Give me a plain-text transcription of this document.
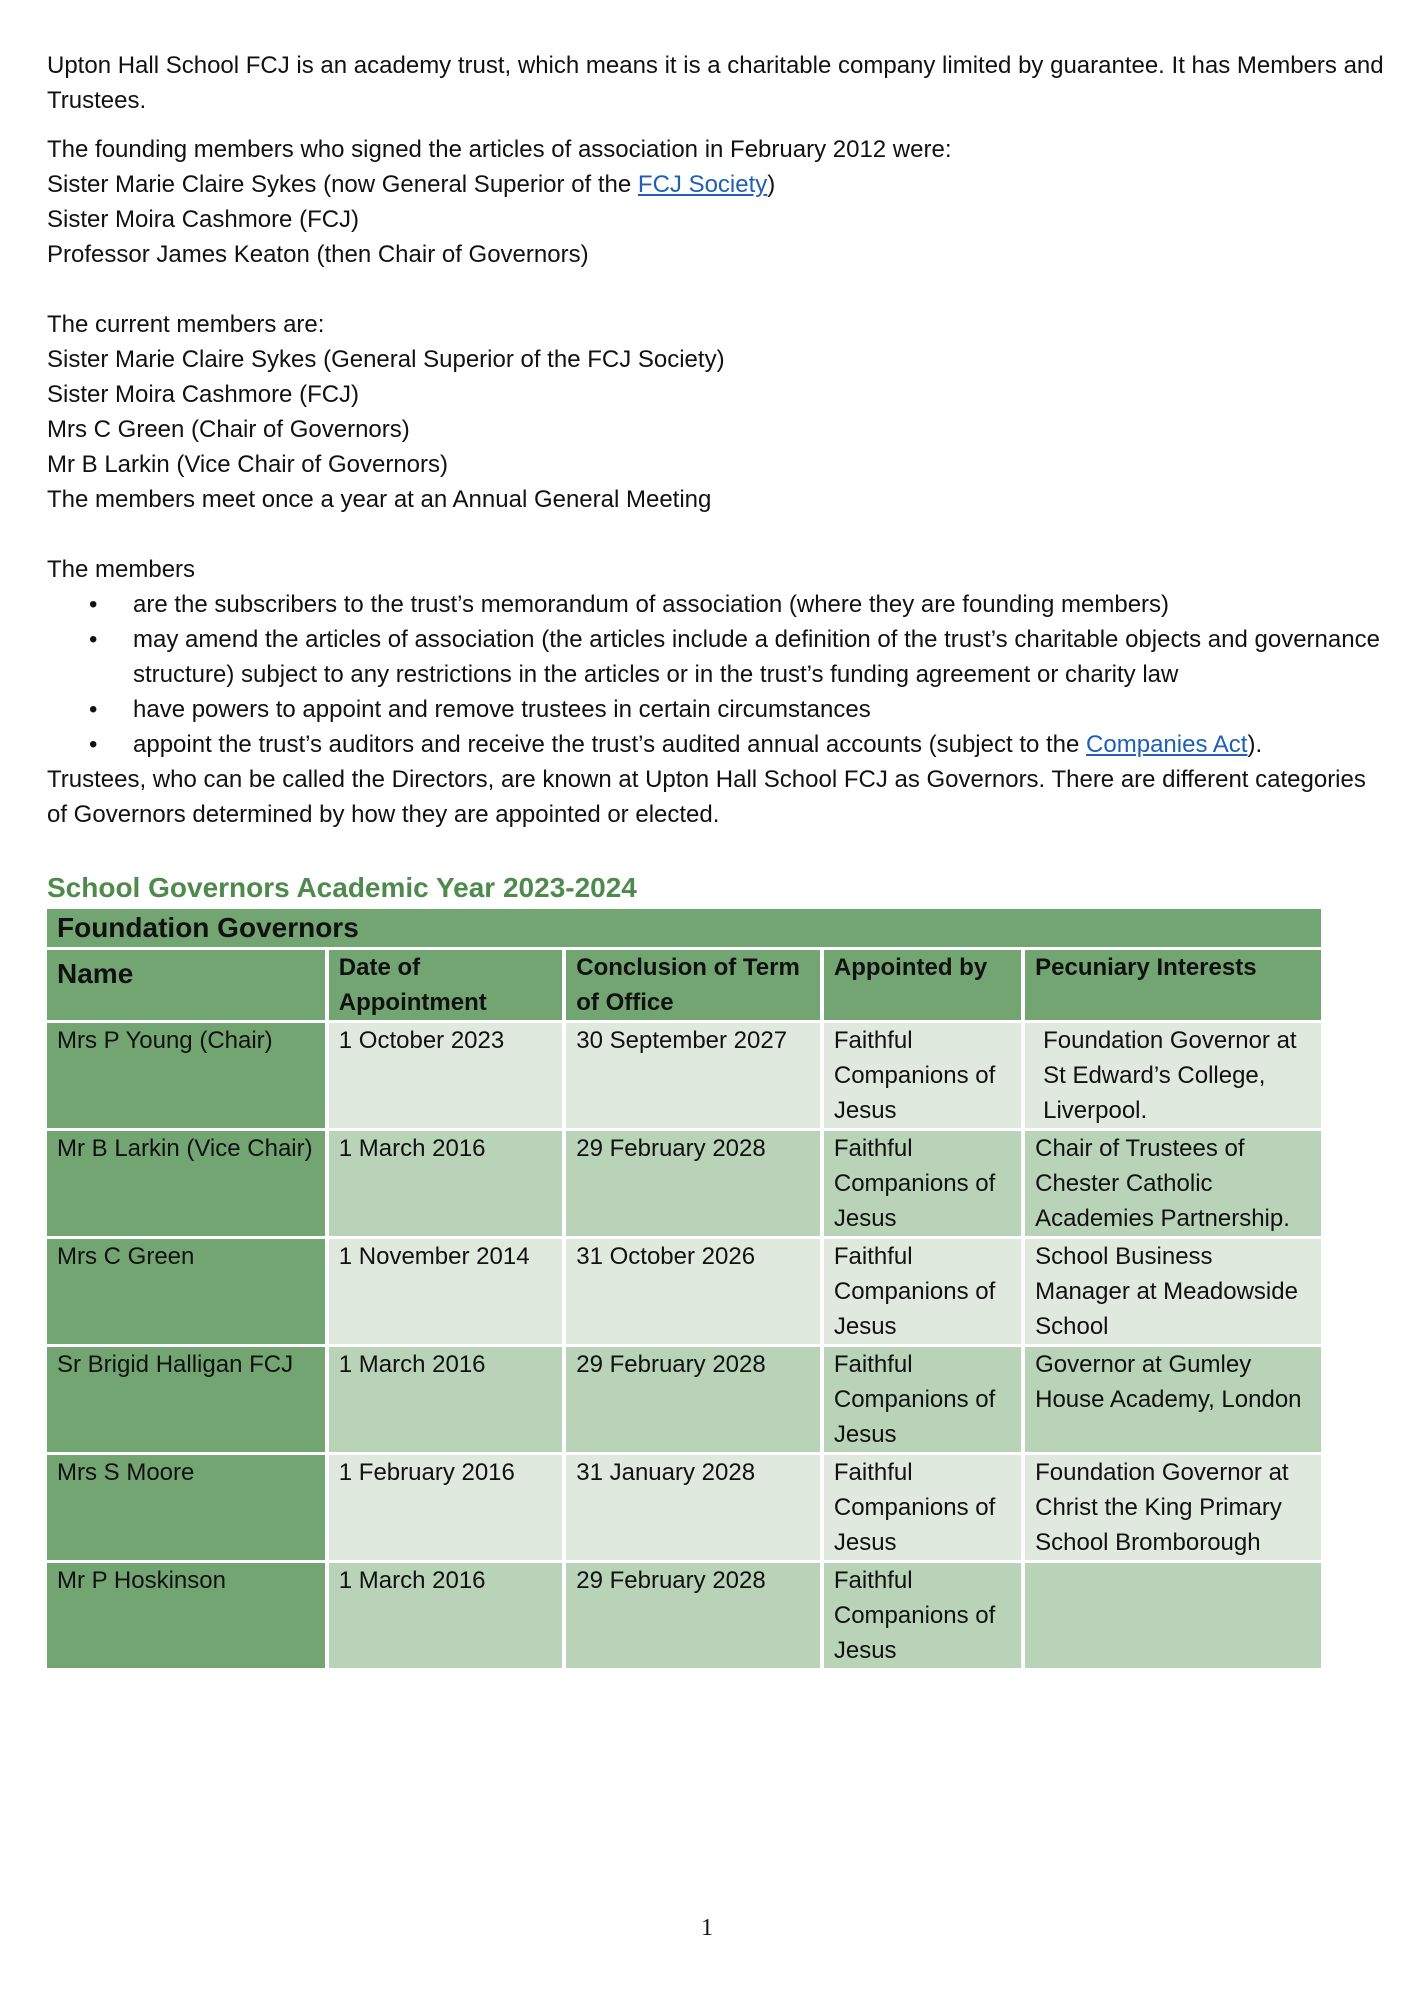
Upton Hall School FCJ is an academy trust, which means it is a charitable company limited by guarantee. It has Members and Trustees.

The founding members who signed the articles of association in February 2012 were:
Sister Marie Claire Sykes (now General Superior of the FCJ Society)
Sister Moira Cashmore (FCJ)
Professor James Keaton (then Chair of Governors)
The current members are:
Sister Marie Claire Sykes (General Superior of the FCJ Society)
Sister Moira Cashmore (FCJ)
Mrs C Green (Chair of Governors)
Mr B Larkin (Vice Chair of Governors)
The members meet once a year at an Annual General Meeting
The members
• are the subscribers to the trust’s memorandum of association (where they are founding members)
• may amend the articles of association (the articles include a definition of the trust’s charitable objects and governance structure) subject to any restrictions in the articles or in the trust’s funding agreement or charity law
• have powers to appoint and remove trustees in certain circumstances
• appoint the trust’s auditors and receive the trust’s audited annual accounts (subject to the Companies Act).

Trustees, who can be called the Directors, are known at Upton Hall School FCJ as Governors. There are different categories of Governors determined by how they are appointed or elected.

School Governors Academic Year 2023-2024
Foundation Governors				
Name	Date of Appointment	Conclusion of Term of Office	Appointed by	Pecuniary Interests
Mrs P Young (Chair)	1 October 2023	30 September 2027	Faithful Companions of Jesus	Foundation Governor at St Edward’s College, Liverpool.
Mr B Larkin (Vice Chair)	1 March 2016	29 February 2028	Faithful Companions of Jesus	Chair of Trustees of Chester Catholic Academies Partnership.
Mrs C Green	1 November 2014	31 October 2026	Faithful Companions of Jesus	School Business Manager at Meadowside School
Sr Brigid Halligan FCJ	1 March 2016	29 February 2028	Faithful Companions of Jesus	Governor at Gumley House Academy, London
Mrs S Moore	1 February 2016	31 January 2028	Faithful Companions of Jesus	Foundation Governor at Christ the King Primary School Bromborough
Mr P Hoskinson	1 March 2016	29 February 2028	Faithful Companions of Jesus	
1
